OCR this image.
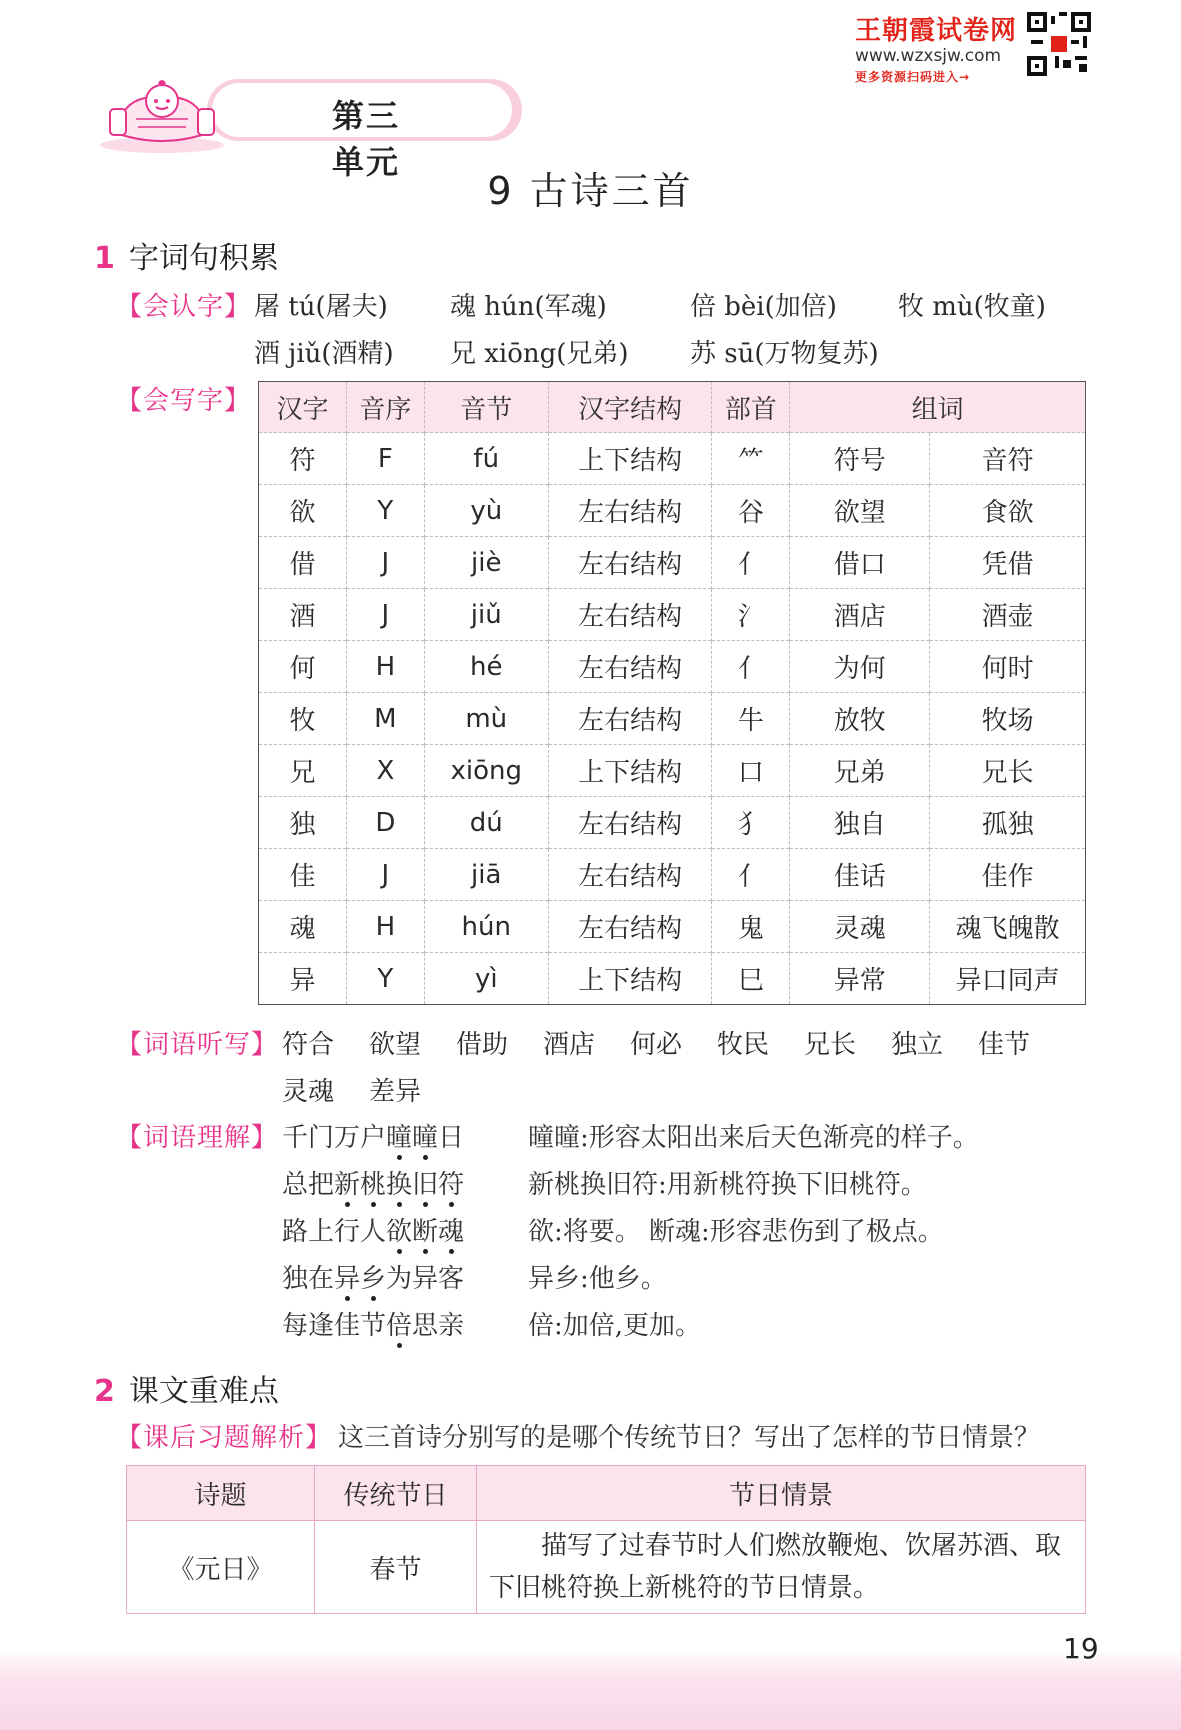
王朝霞试卷网
www.wzxsjw.com
更多资源扫码进入→
第三单元
9 古诗三首
1 字词句积累
【会认字】 屠 tú(屠夫) 魂 hún(军魂)	倍 bèi(加倍) 牧 mù(牧童)
酒 jiǔ(酒精) 兄 xiōng(兄弟) 苏 sū(万物复苏)
【会写字】 汉字	音序	音节	汉字结构	部首	组词	
符	F	fú	上下结构	⺮	符号	音符
欲	Y	yù	左右结构	谷	欲望	食欲
借	J	jiè	左右结构	亻	借口	凭借
酒	J	jiǔ	左右结构	氵	酒店	酒壶
何	H	hé	左右结构	亻	为何	何时
牧	M	mù	左右结构	牛	放牧	牧场
兄	X	xiōng	上下结构	口	兄弟	兄长
独	D	dú	左右结构	犭	独自	孤独
佳	J	jiā	左右结构	亻	佳话	佳作
魂	H	hún	左右结构	鬼	灵魂	魂飞魄散
异	Y	yì	上下结构	巳	异常	异口同声
【词语听写】 符合 欲望 借助 酒店 何必 牧民 兄长 独立 佳节
灵魂 差异
【词语理解】 千门万户曈曈日 曈曈:形容太阳出来后天色渐亮的样子。
总把新桃换旧符 新桃换旧符:用新桃符换下旧桃符。
路上行人欲断魂 欲:将要。 断魂:形容悲伤到了极点。
独在异乡为异客 异乡:他乡。
每逢佳节倍思亲 倍:加倍,更加。
2 课文重难点
【课后习题解析】 这三首诗分别写的是哪个传统节日？写出了怎样的节日情景？
诗题	传统节日	节日情景
《元日》	春节	描写了过春节时人们燃放鞭炮、饮屠苏酒、取下旧桃符换上新桃符的节日情景。
19
